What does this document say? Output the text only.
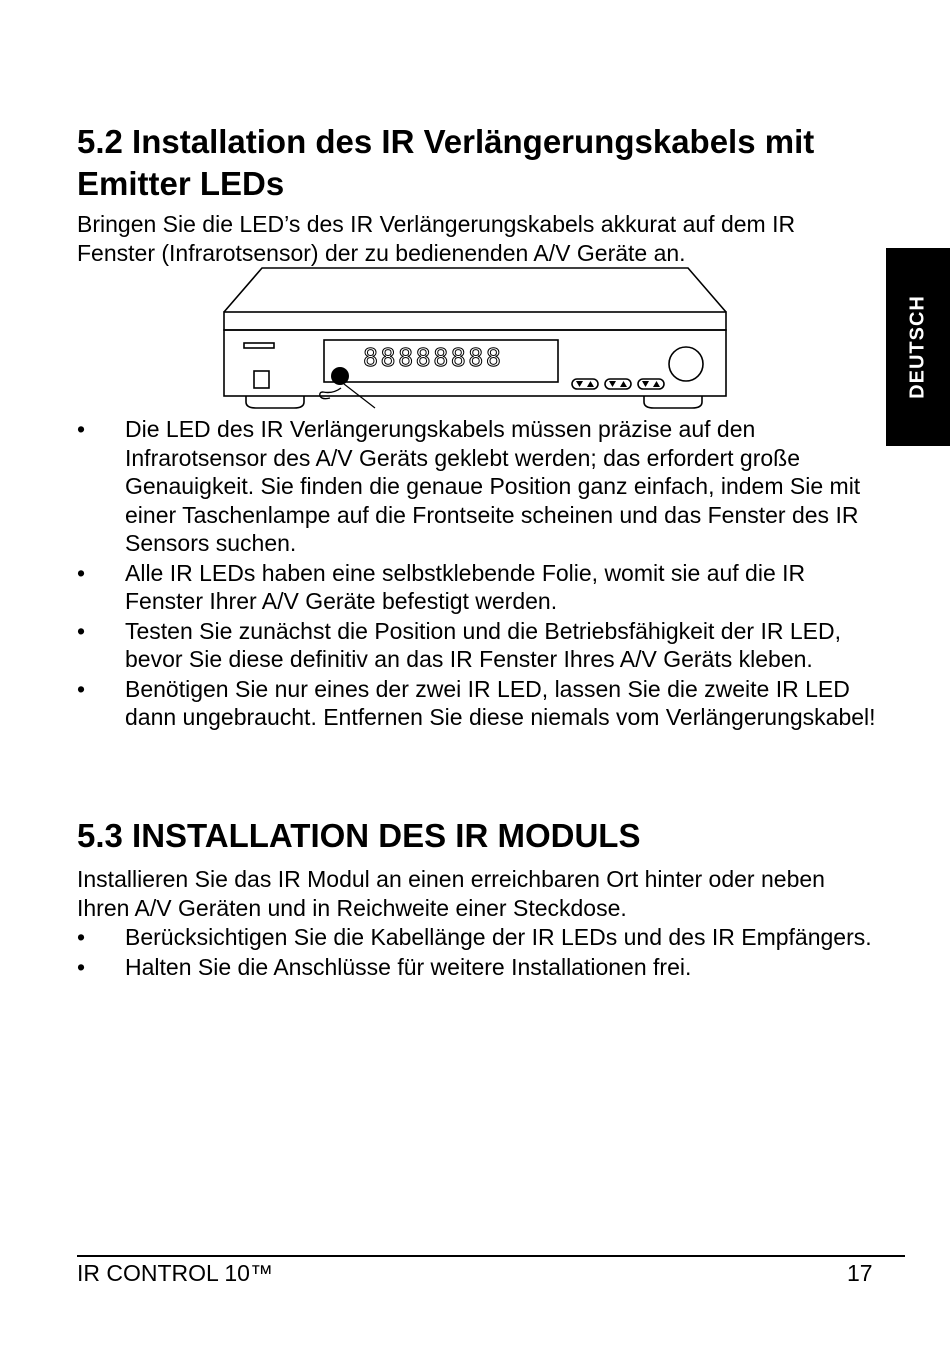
5.2 Installation des IR Verlängerungskabels mit Emitter LEDs

Bringen Sie die LED’s des IR Verlängerungskabels akkurat auf dem IR Fenster (Infrarotsensor) der zu bedienenden A/V Geräte an.

88888888
•	Die LED des IR Verlängerungskabels müssen präzise auf den Infrarotsensor des A/V Geräts geklebt werden; das erfordert große Genauigkeit. Sie finden die genaue Position ganz einfach, indem Sie mit einer Taschenlampe auf die Frontseite scheinen und das Fenster des IR Sensors suchen.
•	Alle IR LEDs haben eine selbstklebende Folie, womit sie auf die IR Fenster Ihrer A/V Geräte befestigt werden.
•	Testen Sie zunächst die Position und die Betriebsfähigkeit der IR LED, bevor Sie diese definitiv an das IR Fenster Ihres A/V Geräts kleben.
•	Benötigen Sie nur eines der zwei IR LED, lassen Sie die zweite IR LED dann ungebraucht. Entfernen Sie diese niemals vom Verlängerungskabel!
5.3 INSTALLATION DES IR MODULS

Installieren Sie das IR Modul an einen erreichbaren Ort hinter oder neben Ihren A/V Geräten und in Reichweite einer Steckdose.

•	Berücksichtigen Sie die Kabellänge der IR LEDs und des IR Empfängers.
•	Halten Sie die Anschlüsse für weitere Installationen frei.
DEUTSCH
IR CONTROL 10™	17
